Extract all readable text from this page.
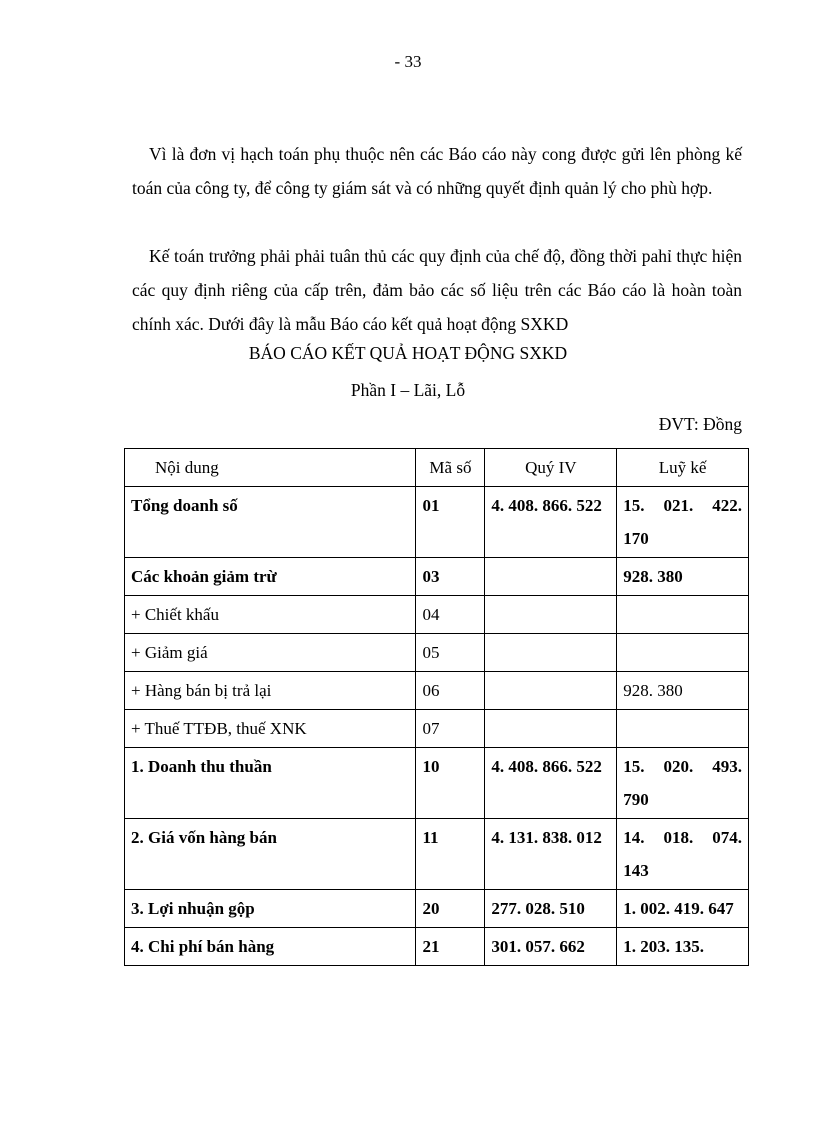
- 33

Vì là đơn vị hạch toán phụ thuộc nên các Báo cáo này cong được gửi lên phòng kế toán của công ty, để công ty giám sát và có những quyết định quản lý cho phù hợp.

Kế toán trưởng phải phải tuân thủ các quy định của chế độ, đồng thời pahỉ thực hiện các quy định riêng của cấp trên, đảm bảo các số liệu trên các Báo cáo là hoàn toàn chính xác. Dưới đây là mẫu Báo cáo kết quả hoạt động SXKD

BÁO CÁO KẾT QUẢ HOẠT ĐỘNG SXKD
Phần I – Lãi, Lỗ
ĐVT: Đồng
Nội dung	Mã số	Quý IV	Luỹ kế
Tổng doanh số	01	4. 408. 866. 522	15. 021. 422. 170
Các khoản giảm trừ	03		928. 380
+ Chiết khấu	04		
+ Giảm giá	05		
+ Hàng bán bị trả lại	06		928. 380
+ Thuế TTĐB, thuế XNK	07		
1. Doanh thu thuần	10	4. 408. 866. 522	15. 020. 493. 790
2. Giá vốn hàng bán	11	4. 131. 838. 012	14. 018. 074. 143
3. Lợi nhuận gộp	20	277. 028. 510	1. 002. 419. 647
4. Chi phí bán hàng	21	301. 057. 662	1. 203. 135.
